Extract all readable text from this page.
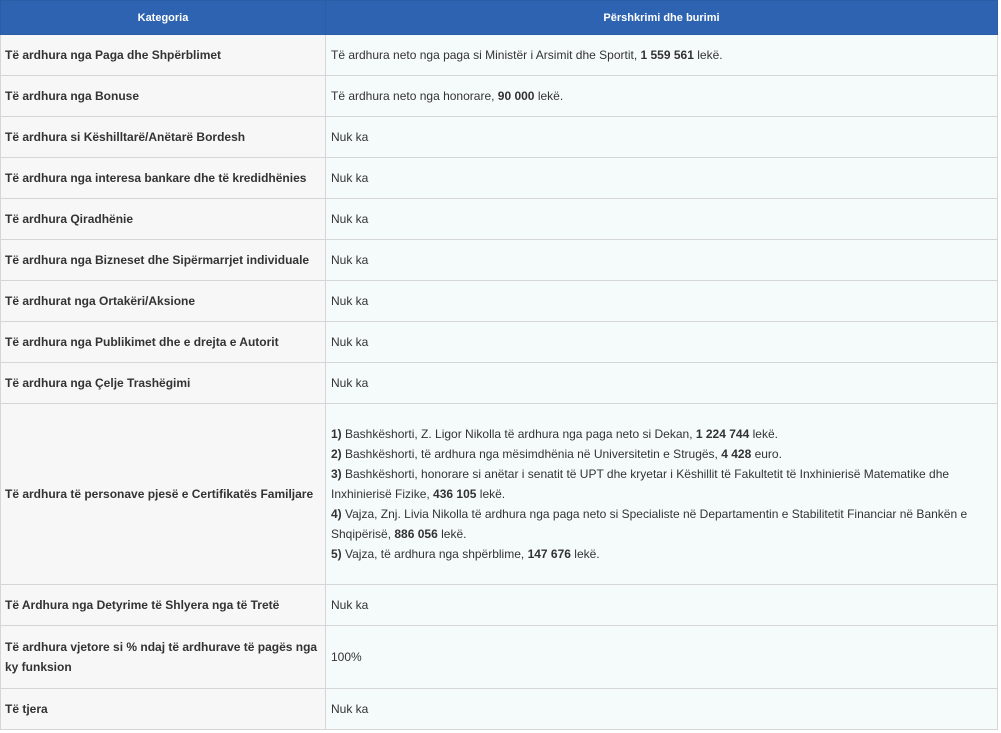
Kategoria	Përshkrimi dhe burimi
Të ardhura nga Paga dhe Shpërblimet	Të ardhura neto nga paga si Ministër i Arsimit dhe Sportit, 1 559 561 lekë.
Të ardhura nga Bonuse	Të ardhura neto nga honorare, 90 000 lekë.
Të ardhura si Këshilltarë/Anëtarë Bordesh	Nuk ka
Të ardhura nga interesa bankare dhe të kredidhënies	Nuk ka
Të ardhura Qiradhënie	Nuk ka
Të ardhura nga Bizneset dhe Sipërmarrjet individuale	Nuk ka
Të ardhurat nga Ortakëri/Aksione	Nuk ka
Të ardhura nga Publikimet dhe e drejta e Autorit	Nuk ka
Të ardhura nga Çelje Trashëgimi	Nuk ka
Të ardhura të personave pjesë e Certifikatës Familjare	1) Bashkëshorti, Z. Ligor Nikolla të ardhura nga paga neto si Dekan, 1 224 744 lekë.
2) Bashkëshorti, të ardhura nga mësimdhënia në Universitetin e Strugës, 4 428 euro.
3) Bashkëshorti, honorare si anëtar i senatit të UPT dhe kryetar i Këshillit të Fakultetit të Inxhinierisë Matematike dhe Inxhinierisë Fizike, 436 105 lekë.
4) Vajza, Znj. Livia Nikolla të ardhura nga paga neto si Specialiste në Departamentin e Stabilitetit Financiar në Bankën e Shqipërisë, 886 056 lekë.
5) Vajza, të ardhura nga shpërblime, 147 676 lekë.

Të Ardhura nga Detyrime të Shlyera nga të Tretë	Nuk ka
Të ardhura vjetore si % ndaj të ardhurave të pagës nga ky funksion	100%
Të tjera	Nuk ka
